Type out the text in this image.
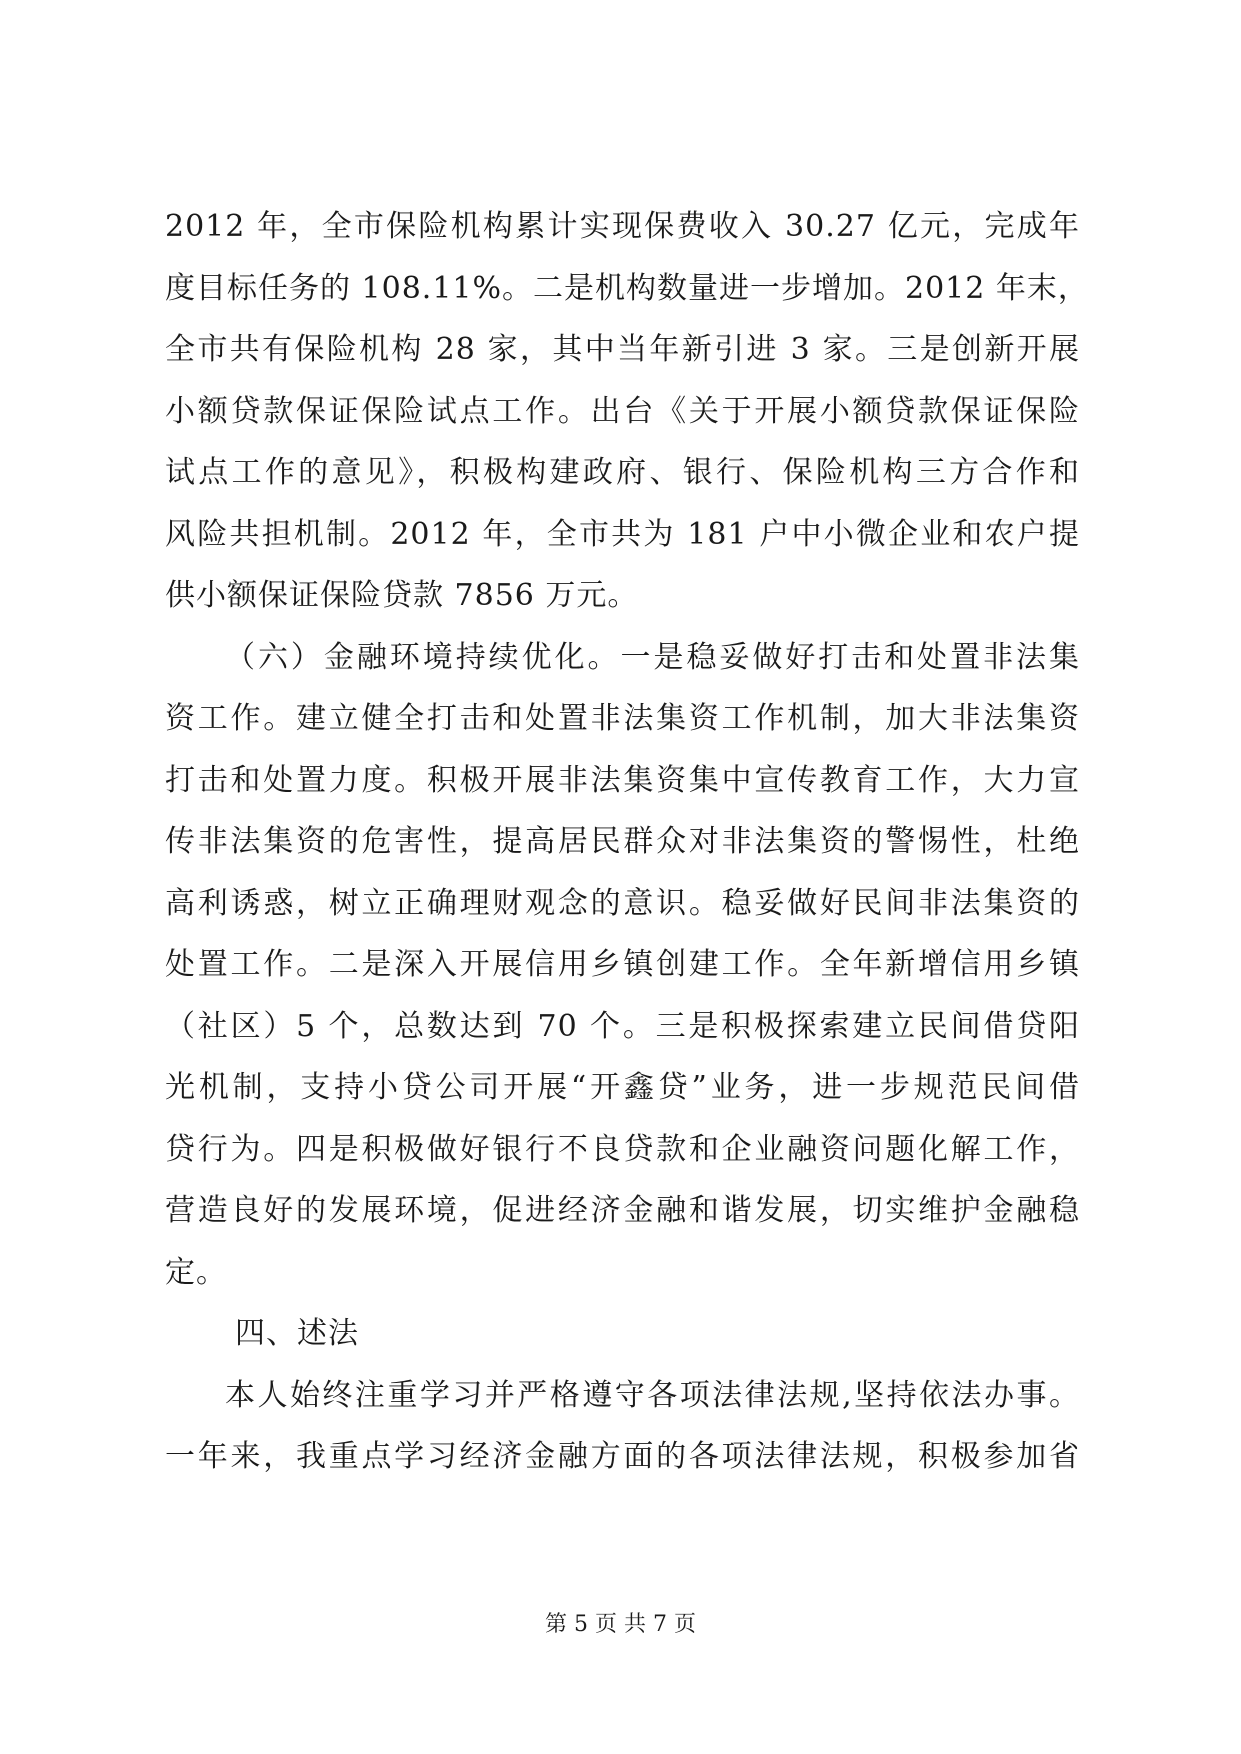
2012 年，全市保险机构累计实现保费收入 30.27 亿元，完成年
度目标任务的 108.11%。二是机构数量进一步增加。2012 年末，
全市共有保险机构 28 家，其中当年新引进 3 家。三是创新开展
小额贷款保证保险试点工作。出台《关于开展小额贷款保证保险
试点工作的意见》，积极构建政府、银行、保险机构三方合作和
风险共担机制。2012 年，全市共为 181 户中小微企业和农户提
供小额保证保险贷款 7856 万元。
（六）金融环境持续优化。一是稳妥做好打击和处置非法集
资工作。建立健全打击和处置非法集资工作机制，加大非法集资
打击和处置力度。积极开展非法集资集中宣传教育工作，大力宣
传非法集资的危害性，提高居民群众对非法集资的警惕性，杜绝
高利诱惑，树立正确理财观念的意识。稳妥做好民间非法集资的
处置工作。二是深入开展信用乡镇创建工作。全年新增信用乡镇
（社区）5 个，总数达到 70 个。三是积极探索建立民间借贷阳
光机制，支持小贷公司开展“开鑫贷”业务，进一步规范民间借
贷行为。四是积极做好银行不良贷款和企业融资问题化解工作，
营造良好的发展环境，促进经济金融和谐发展，切实维护金融稳
定。
四、述法
本人始终注重学习并严格遵守各项法律法规,坚持依法办事。
一年来，我重点学习经济金融方面的各项法律法规，积极参加省
第 5 页 共 7 页
